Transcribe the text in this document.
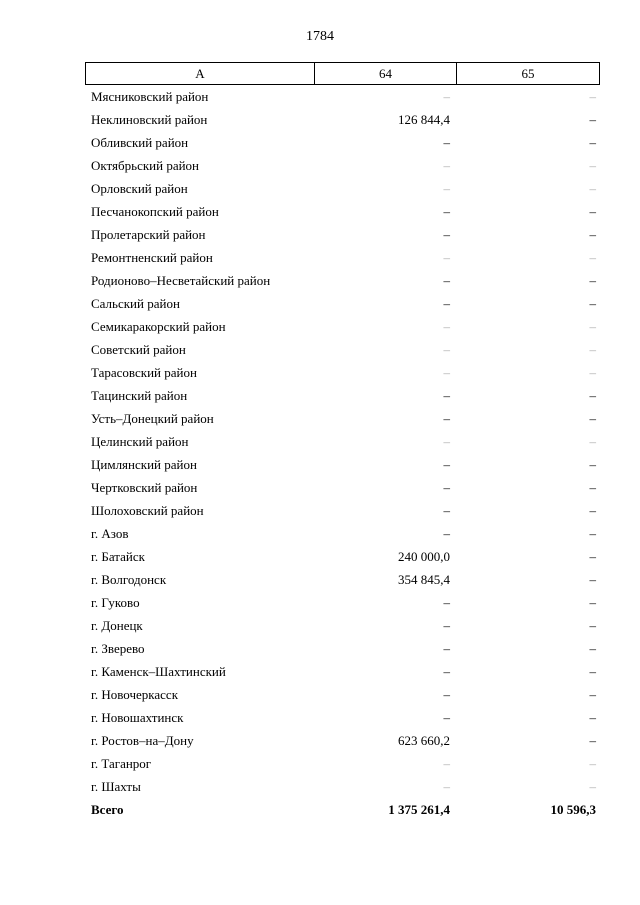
1784
А	64	65
Мясниковский район	–	–
Неклиновский район	126 844,4	–
Обливский район	–	–
Октябрьский район	–	–
Орловский район	–	–
Песчанокопский район	–	–
Пролетарский район	–	–
Ремонтненский район	–	–
Родионово–Несветайский район	–	–
Сальский район	–	–
Семикаракорский район	–	–
Советский район	–	–
Тарасовский район	–	–
Тацинский район	–	–
Усть–Донецкий район	–	–
Целинский район	–	–
Цимлянский район	–	–
Чертковский район	–	–
Шолоховский район	–	–
г. Азов	–	–
г. Батайск	240 000,0	–
г. Волгодонск	354 845,4	–
г. Гуково	–	–
г. Донецк	–	–
г. Зверево	–	–
г. Каменск–Шахтинский	–	–
г. Новочеркасск	–	–
г. Новошахтинск	–	–
г. Ростов–на–Дону	623 660,2	–
г. Таганрог	–	–
г. Шахты	–	–
Всего	1 375 261,4	10 596,3
